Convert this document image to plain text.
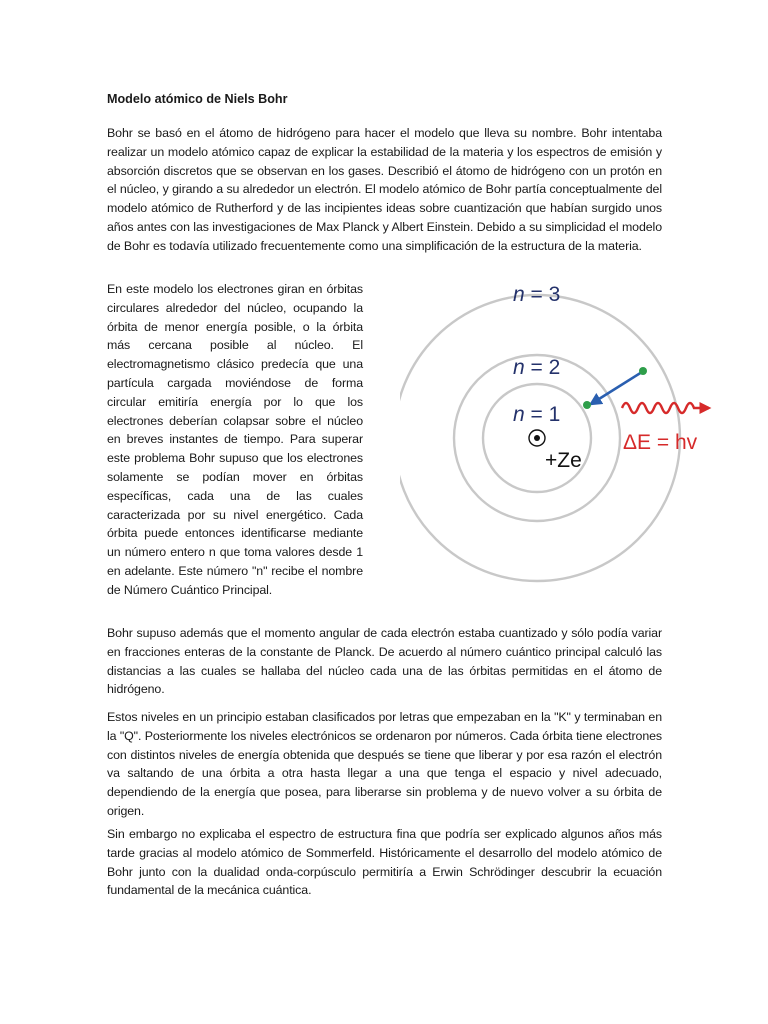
Modelo atómico de Niels Bohr

Bohr se basó en el átomo de hidrógeno para hacer el modelo que lleva su nombre. Bohr intentaba realizar un modelo atómico capaz de explicar la estabilidad de la materia y los espectros de emisión y absorción discretos que se observan en los gases. Describió el átomo de hidrógeno con un protón en el núcleo, y girando a su alrededor un electrón. El modelo atómico de Bohr partía conceptualmente del modelo atómico de Rutherford y de las incipientes ideas sobre cuantización que habían surgido unos años antes con las investigaciones de Max Planck y Albert Einstein. Debido a su simplicidad el modelo de Bohr es todavía utilizado frecuentemente como una simplificación de la estructura de la materia.

En este modelo los electrones giran en órbitas circulares alrededor del núcleo, ocupando la órbita de menor energía posible, o la órbita más cercana posible al núcleo. El electromagnetismo clásico predecía que una partícula cargada moviéndose de forma circular emitiría energía por lo que los electrones deberían colapsar sobre el núcleo en breves instantes de tiempo. Para superar este problema Bohr supuso que los electrones solamente se podían mover en órbitas específicas, cada una de las cuales caracterizada por su nivel energético. Cada órbita puede entonces identificarse mediante un número entero n que toma valores desde 1 en adelante. Este número "n" recibe el nombre de Número Cuántico Principal.

n = 3
n = 2
n = 1
+Ze
ΔE = hv

Bohr supuso además que el momento angular de cada electrón estaba cuantizado y sólo podía variar en fracciones enteras de la constante de Planck. De acuerdo al número cuántico principal calculó las distancias a las cuales se hallaba del núcleo cada una de las órbitas permitidas en el átomo de hidrógeno.

Estos niveles en un principio estaban clasificados por letras que empezaban en la "K" y terminaban en la "Q". Posteriormente los niveles electrónicos se ordenaron por números. Cada órbita tiene electrones con distintos niveles de energía obtenida que después se tiene que liberar y por esa razón el electrón va saltando de una órbita a otra hasta llegar a una que tenga el espacio y nivel adecuado, dependiendo de la energía que posea, para liberarse sin problema y de nuevo volver a su órbita de origen.

Sin embargo no explicaba el espectro de estructura fina que podría ser explicado algunos años más tarde gracias al modelo atómico de Sommerfeld. Históricamente el desarrollo del modelo atómico de Bohr junto con la dualidad onda-corpúsculo permitiría a Erwin Schrödinger descubrir la ecuación fundamental de la mecánica cuántica.
